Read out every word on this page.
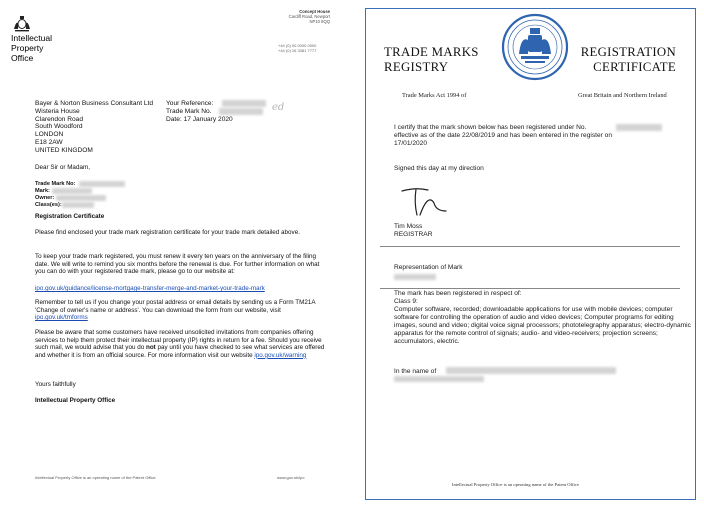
Intellectual
Property
Office
Concept House
Cardiff Road, Newport
NP10 8QQ
+44 (0) 00 0000 0000
+44 (0) 16 3381 7777
Bayer & Norton Business Consultant Ltd
Wisteria House
Clarendon Road
South Woodford
LONDON
E18 2AW
UNITED KINGDOM
Your Reference:
Trade Mark No.
Date: 17 January 2020
ed
Dear Sir or Madam,
Trade Mark No:
Mark:
Owner:
Class(es):
Registration Certificate
Please find enclosed your trade mark registration certificate for your trade mark detailed above.
To keep your trade mark registered, you must renew it every ten years on the anniversary of the filing date. We will write to remind you six months before the renewal is due. For further information on what you can do with your registered trade mark, please go to our website at:
ipo.gov.uk/guidance/license-mortgage-transfer-merge-and-market-your-trade-mark
Remember to tell us if you change your postal address or email details by sending us a Form TM21A 'Change of owner's name or address'. You can download the form from our website, visit ipo.gov.uk/tmforms
Please be aware that some customers have received unsolicited invitations from companies offering services to help them protect their intellectual property (IP) rights in return for a fee. Should you receive such mail, we would advise that you do not pay until you have checked to see what services are offered and whether it is from an official source. For more information visit our website ipo.gov.uk/warning
Yours faithfully
Intellectual Property Office
Intellectual Property Office is an operating name of the Patent Office	www.gov.uk/ipo
TRADE MARKS
REGISTRY
REGISTRATION
CERTIFICATE
Trade Marks Act 1994 of	Great Britain and Northern Ireland
I certify that the mark shown below has been registered under No.
effective as of the date 22/08/2019 and has been entered in the register on
17/01/2020
Signed this day at my direction
Tim Moss
REGISTRAR
Representation of Mark
The mark has been registered in respect of:
Class 9:
Computer software, recorded; downloadable applications for use with mobile devices; computer software for controlling the operation of audio and video devices; Computer programs for editing images, sound and video; digital voice signal processors; phototelegraphy apparatus; electro-dynamic apparatus for the remote control of signals; audio- and video-receivers; projection screens; accumulators, electric.
In the name of
Intellectual Property Office is an operating name of the Patent Office
